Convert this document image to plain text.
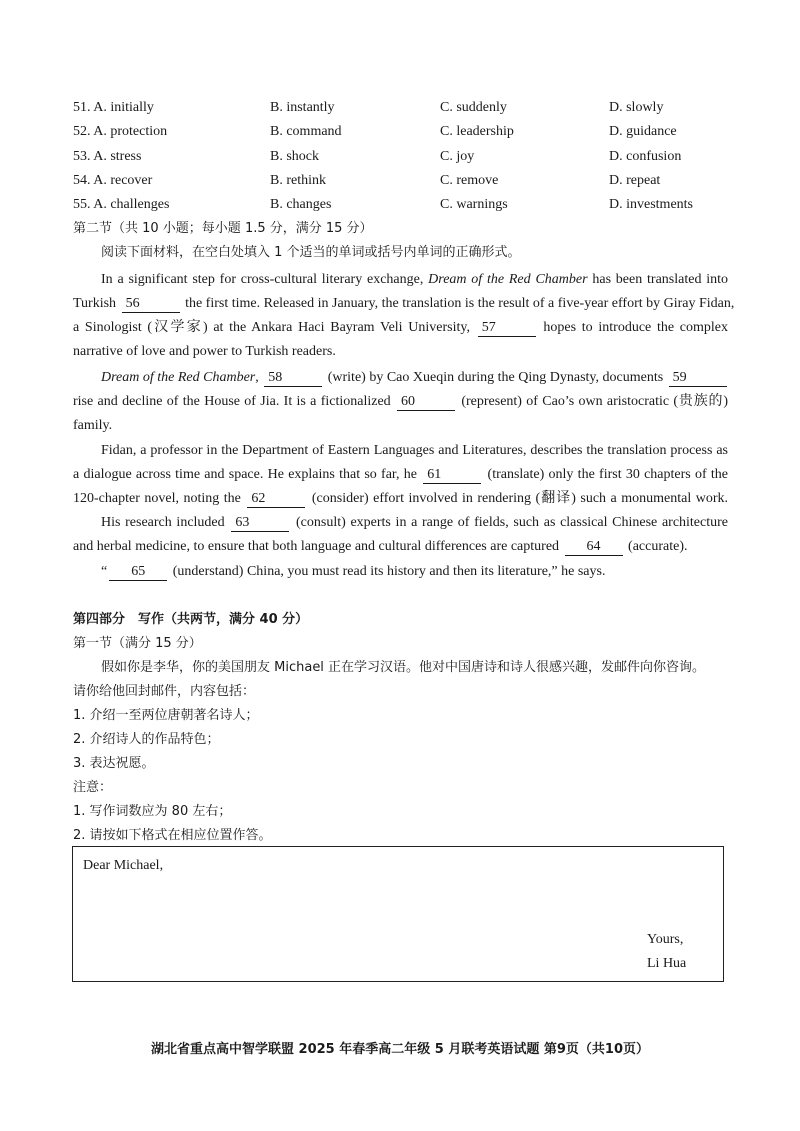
51. A. initially	B. instantly	C. suddenly	D. slowly
52. A. protection	B. command	C. leadership	D. guidance
53. A. stress	B. shock	C. joy	D. confusion
54. A. recover	B. rethink	C. remove	D. repeat
55. A. challenges	B. changes	C. warnings	D. investments
第二节（共 10 小题；每小题 1.5 分，满分 15 分）
阅读下面材料，在空白处填入 1 个适当的单词或括号内单词的正确形式。
In a significant step for cross-cultural literary exchange, Dream of the Red Chamber has been translated into
Turkish 56	the first time. Released in January, the translation is the result of a five-year effort by Giray Fidan,
a Sinologist (汉学家) at the Ankara Haci Bayram Veli University, 57	hopes to introduce the complex
narrative of love and power to Turkish readers.
Dream of the Red Chamber, 58	(write) by Cao Xueqin during the Qing Dynasty, documents 59
rise and decline of the House of Jia. It is a fictionalized 60	(represent) of Cao’s own aristocratic (贵族的)
family.
Fidan, a professor in the Department of Eastern Languages and Literatures, describes the translation process as
a dialogue across time and space. He explains that so far, he 61	(translate) only the first 30 chapters of the
120-chapter novel, noting the 62	(consider) effort involved in rendering (翻译) such a monumental work.
His research included 63	(consult) experts in a range of fields, such as classical Chinese architecture
and herbal medicine, to ensure that both language and cultural differences are captured 64 (accurate).
“ 65 (understand) China, you must read its history and then its literature,” he says.
第四部分　写作（共两节，满分 40 分）
第一节（满分 15 分）
假如你是李华，你的美国朋友 Michael 正在学习汉语。他对中国唐诗和诗人很感兴趣，发邮件向你咨询。
请你给他回封邮件，内容包括：
1. 介绍一至两位唐朝著名诗人；
2. 介绍诗人的作品特色；
3. 表达祝愿。
注意：
1. 写作词数应为 80 左右；
2. 请按如下格式在相应位置作答。
Dear Michael,
Yours,
Li Hua
湖北省重点高中智学联盟 2025 年春季高二年级 5 月联考英语试题 第9页（共10页）
